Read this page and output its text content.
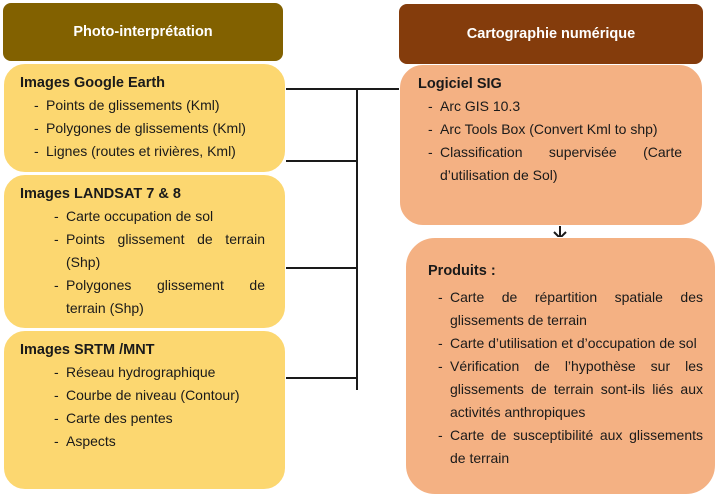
Photo-interprétation	Cartographie numérique
Images Google Earth
- Points de glissements (Kml)
- Polygones de glissements (Kml)
- Lignes (routes et rivières, Kml)
Images LANDSAT 7 & 8
- Carte occupation de sol
- Points glissement de terrain (Shp)
- Polygones glissement de terrain (Shp)
Images SRTM /MNT
- Réseau hydrographique
- Courbe de niveau (Contour)
- Carte des pentes
- Aspects
Logiciel SIG
- Arc GIS 10.3
- Arc Tools Box (Convert Kml to shp)
- Classification supervisée (Carte d’utilisation de Sol)
Produits :
- Carte de répartition spatiale des glissements de terrain
- Carte d’utilisation et d’occupation de sol
- Vérification de l’hypothèse sur les glissements de terrain sont-ils liés aux activités anthropiques
- Carte de susceptibilité aux glissements de terrain
